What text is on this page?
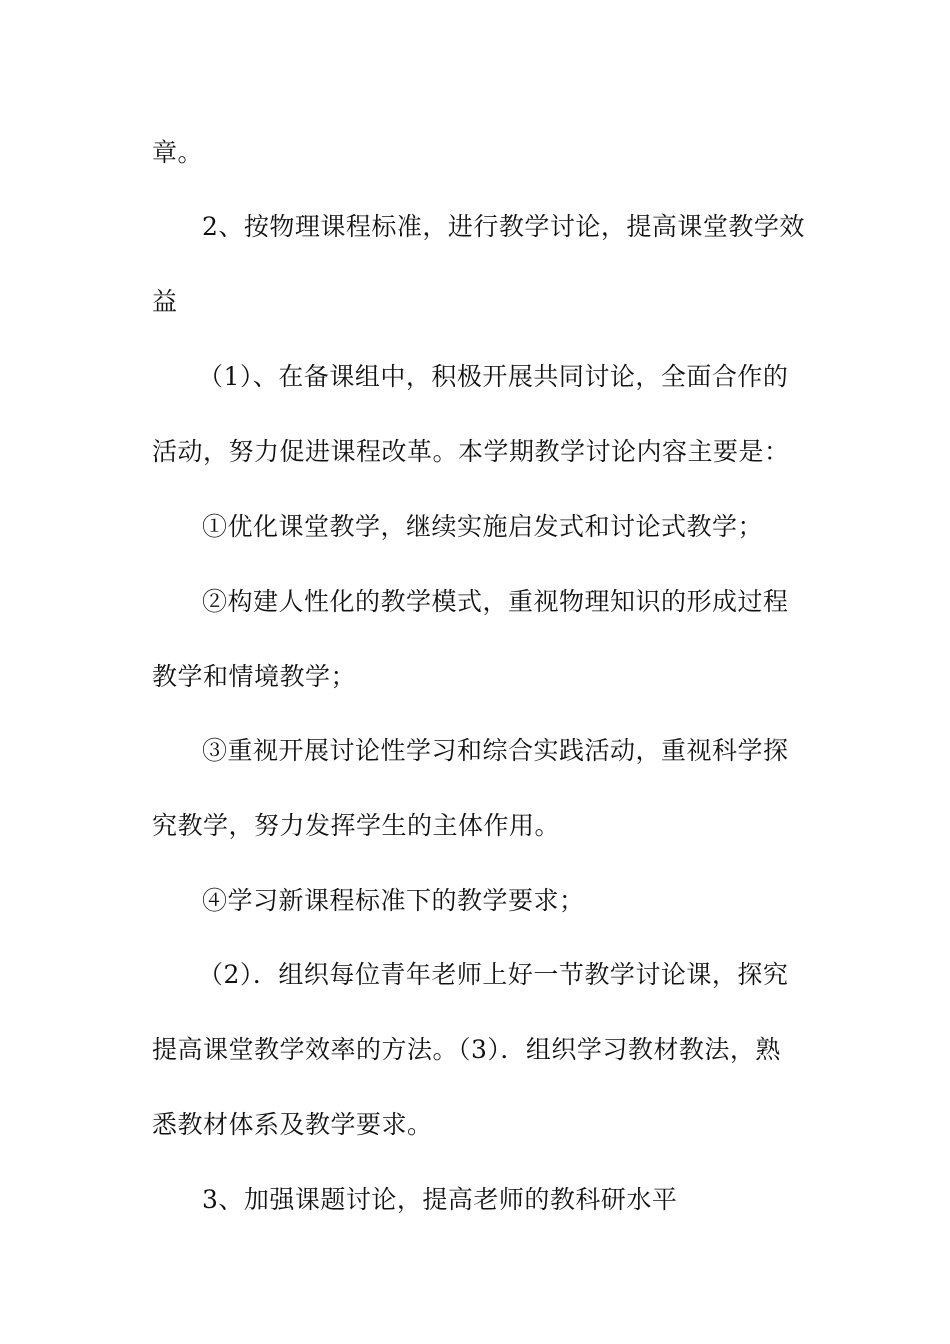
章。
2、按物理课程标准，进行教学讨论，提高课堂教学效
益
（1）、在备课组中，积极开展共同讨论，全面合作的
活动，努力促进课程改革。本学期教学讨论内容主要是：
①优化课堂教学，继续实施启发式和讨论式教学；
②构建人性化的教学模式，重视物理知识的形成过程
教学和情境教学；
③重视开展讨论性学习和综合实践活动，重视科学探
究教学，努力发挥学生的主体作用。
④学习新课程标准下的教学要求；
（2）．组织每位青年老师上好一节教学讨论课，探究
提高课堂教学效率的方法。（3）．组织学习教材教法，熟
悉教材体系及教学要求。
3、加强课题讨论，提高老师的教科研水平
